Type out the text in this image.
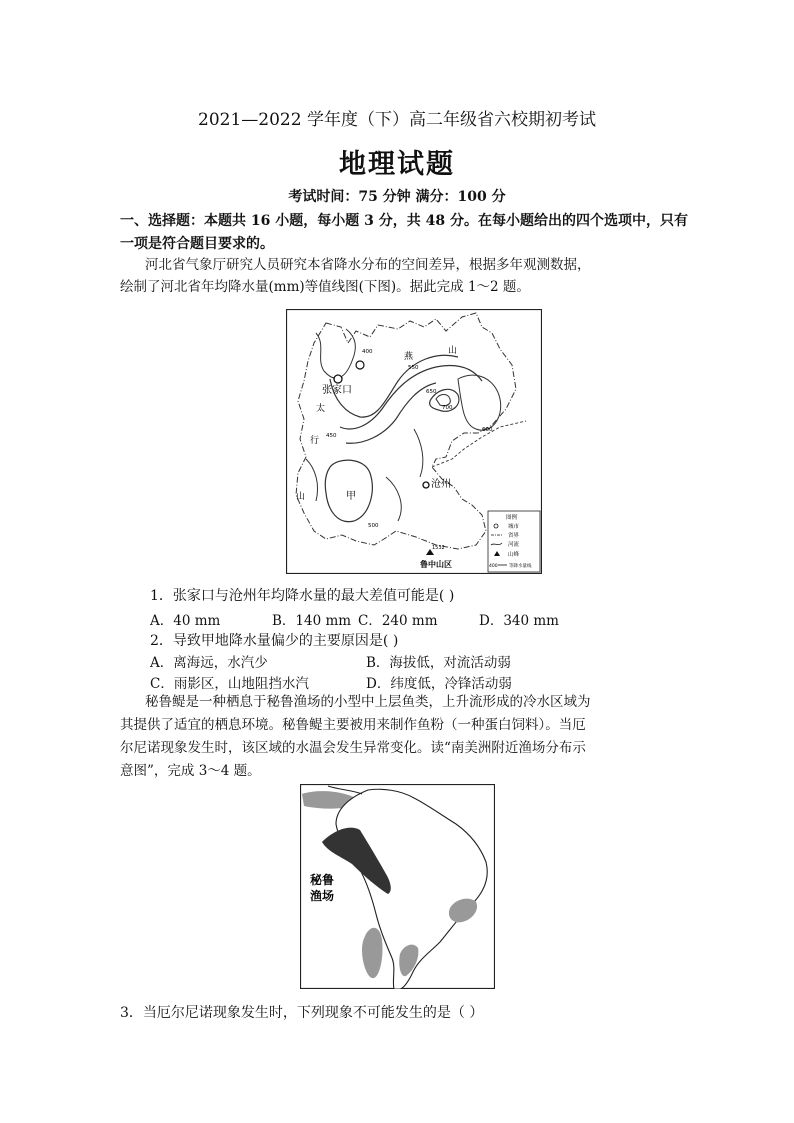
2021—2022 学年度（下）高二年级省六校期初考试
地理试题
考试时间：75 分钟 满分：100 分
一、选择题：本题共 16 小题，每小题 3 分，共 48 分。在每小题给出的四个选项中，只有
一项是符合题目要求的。
河北省气象厅研究人员研究本省降水分布的空间差异，根据多年观测数据，
绘制了河北省年均降水量(mm)等值线图(下图)。据此完成 1～2 题。
张家口
沧州
甲
燕
山
太
行
山
400
450
500
600
650
700
550
1532
鲁中山区
图例
城市
省界
河流
山峰
400	等降水量线
1．张家口与沧州年均降水量的最大差值可能是( )
A．40 mm	B．140 mm C．240 mm	D．340 mm
2．导致甲地降水量偏少的主要原因是( )
A．离海远，水汽少	B．海拔低，对流活动弱
C．雨影区，山地阻挡水汽	D．纬度低，冷锋活动弱
秘鲁鳀是一种栖息于秘鲁渔场的小型中上层鱼类，上升流形成的冷水区域为
其提供了适宜的栖息环境。秘鲁鳀主要被用来制作鱼粉（一种蛋白饲料）。当厄
尔尼诺现象发生时，该区域的水温会发生异常变化。读“南美洲附近渔场分布示
意图”，完成 3～4 题。
秘鲁
渔场
3．当厄尔尼诺现象发生时，下列现象不可能发生的是（ ）
